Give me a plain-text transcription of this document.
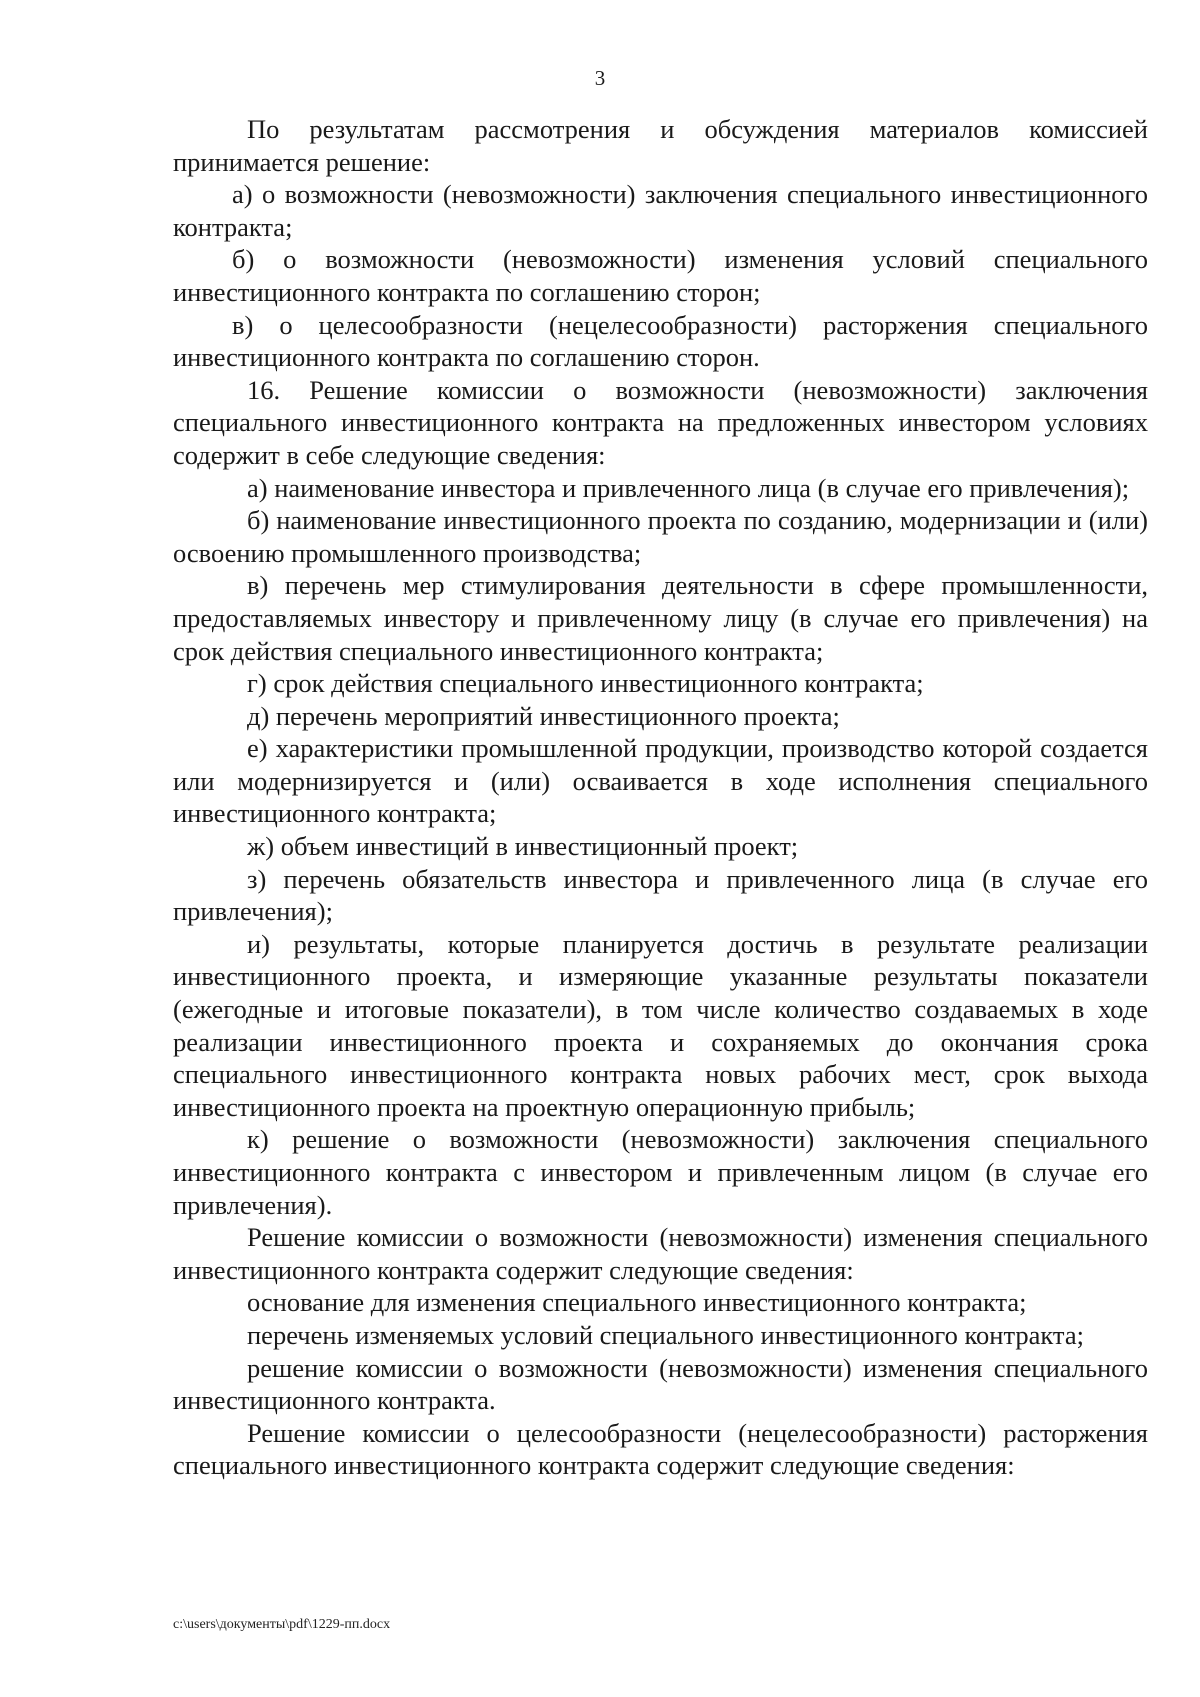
3

По результатам рассмотрения и обсуждения материалов комиссией принимается решение:

а) о возможности (невозможности) заключения специального инвестиционного контракта;

б) о возможности (невозможности) изменения условий специального инвестиционного контракта по соглашению сторон;

в) о целесообразности (нецелесообразности) расторжения специального инвестиционного контракта по соглашению сторон.

16. Решение комиссии о возможности (невозможности) заключения специального инвестиционного контракта на предложенных инвестором условиях содержит в себе следующие сведения:

а) наименование инвестора и привлеченного лица (в случае его привлечения);

б) наименование инвестиционного проекта по созданию, модернизации и (или) освоению промышленного производства;

в) перечень мер стимулирования деятельности в сфере промышленности, предоставляемых инвестору и привлеченному лицу (в случае его привлечения) на срок действия специального инвестиционного контракта;

г) срок действия специального инвестиционного контракта;

д) перечень мероприятий инвестиционного проекта;

е) характеристики промышленной продукции, производство которой создается или модернизируется и (или) осваивается в ходе исполнения специального инвестиционного контракта;

ж) объем инвестиций в инвестиционный проект;

з) перечень обязательств инвестора и привлеченного лица (в случае его привлечения);

и) результаты, которые планируется достичь в результате реализации инвестиционного проекта, и измеряющие указанные результаты показатели (ежегодные и итоговые показатели), в том числе количество создаваемых в ходе реализации инвестиционного проекта и сохраняемых до окончания срока специального инвестиционного контракта новых рабочих мест, срок выхода инвестиционного проекта на проектную операционную прибыль;

к) решение о возможности (невозможности) заключения специального инвестиционного контракта с инвестором и привлеченным лицом (в случае его привлечения).

Решение комиссии о возможности (невозможности) изменения специального инвестиционного контракта содержит следующие сведения:

основание для изменения специального инвестиционного контракта;

перечень изменяемых условий специального инвестиционного контракта;

решение комиссии о возможности (невозможности) изменения специального инвестиционного контракта.

Решение комиссии о целесообразности (нецелесообразности) расторжения специального инвестиционного контракта содержит следующие сведения:

c:\users\документы\pdf\1229-пп.docx
